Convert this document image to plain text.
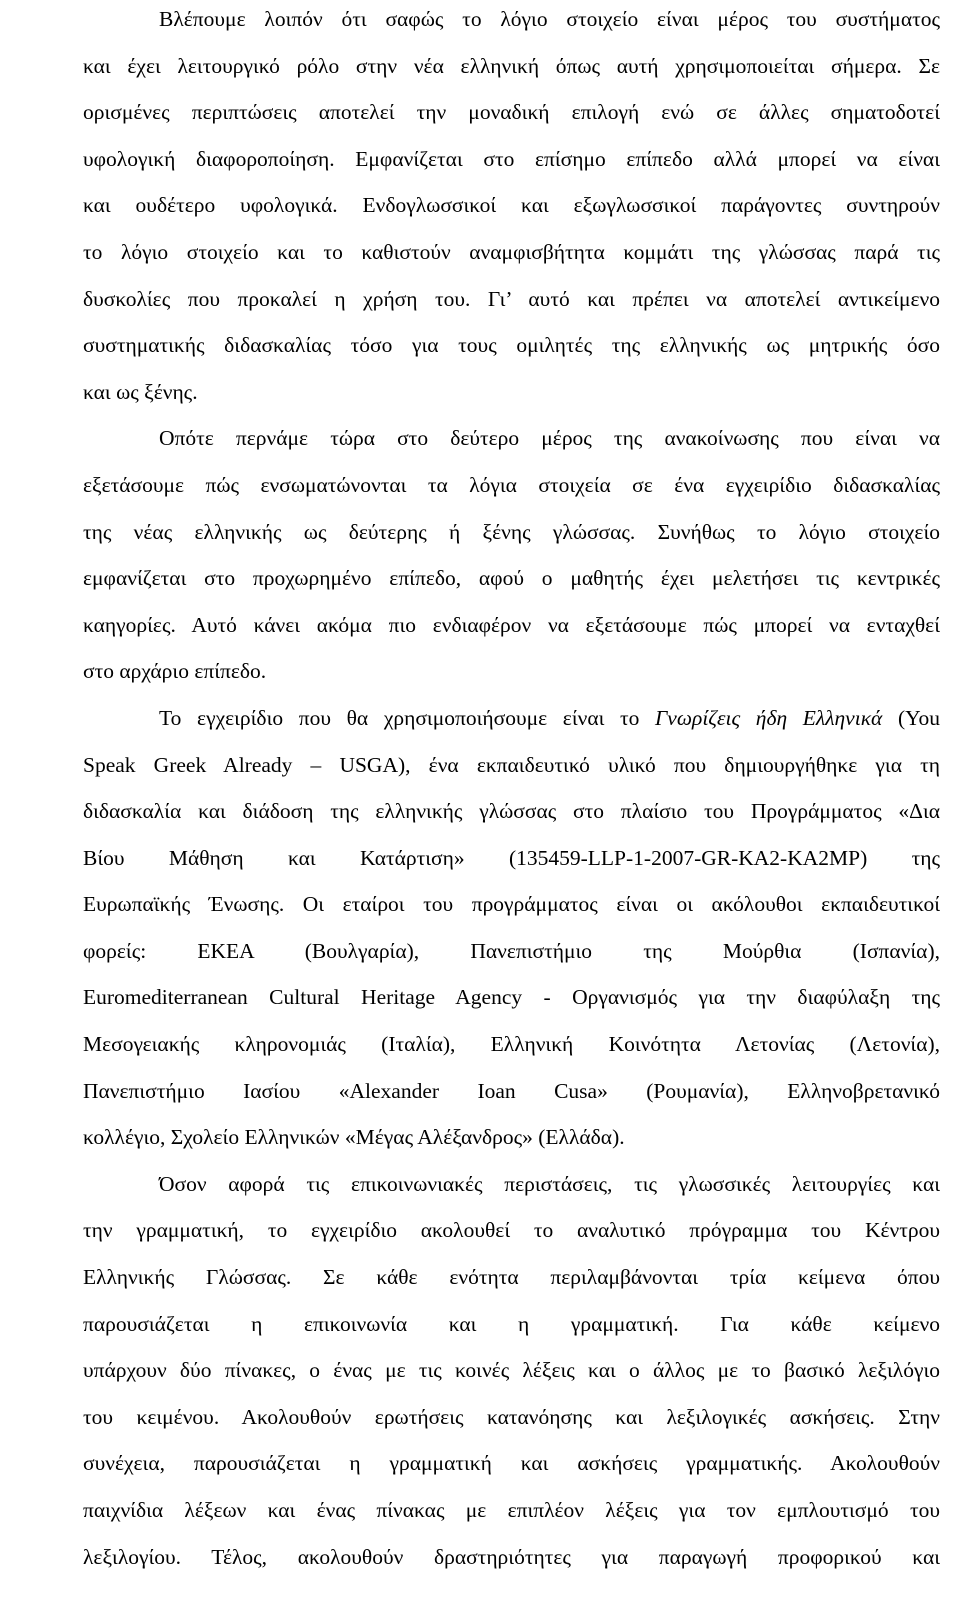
Βλέπουμε λοιπόν ότι σαφώς το λόγιο στοιχείο είναι μέρος του συστήματος
και έχει λειτουργικό ρόλο στην νέα ελληνική όπως αυτή χρησιμοποιείται σήμερα. Σε
ορισμένες περιπτώσεις αποτελεί την μοναδική επιλογή ενώ σε άλλες σηματοδοτεί
υφολογική διαφοροποίηση. Εμφανίζεται στο επίσημο επίπεδο αλλά μπορεί να είναι
και ουδέτερο υφολογικά. Ενδογλωσσικοί και εξωγλωσσικοί παράγοντες συντηρούν
το λόγιο στοιχείο και το καθιστούν αναμφισβήτητα κομμάτι της γλώσσας παρά τις
δυσκολίες που προκαλεί η χρήση του. Γι’ αυτό και πρέπει να αποτελεί αντικείμενο
συστηματικής διδασκαλίας τόσο για τους ομιλητές της ελληνικής ως μητρικής όσο
και ως ξένης.
Οπότε περνάμε τώρα στο δεύτερο μέρος της ανακοίνωσης που είναι να
εξετάσουμε πώς ενσωματώνονται τα λόγια στοιχεία σε ένα εγχειρίδιο διδασκαλίας
της νέας ελληνικής ως δεύτερης ή ξένης γλώσσας. Συνήθως το λόγιο στοιχείο
εμφανίζεται στο προχωρημένο επίπεδο, αφού ο μαθητής έχει μελετήσει τις κεντρικές
καηγορίες. Αυτό κάνει ακόμα πιο ενδιαφέρον να εξετάσουμε πώς μπορεί να ενταχθεί
στο αρχάριο επίπεδο.
Το εγχειρίδιο που θα χρησιμοποιήσουμε είναι το Γνωρίζεις ήδη Ελληνικά (You
Speak Greek Already – USGA), ένα εκπαιδευτικό υλικό που δημιουργήθηκε για τη
διδασκαλία και διάδοση της ελληνικής γλώσσας στο πλαίσιο του Προγράμματος «Δια
Βίου Μάθηση και Κατάρτιση» (135459-LLP-1-2007-GR-KA2-KA2MP) της
Ευρωπαϊκής Ένωσης. Οι εταίροι του προγράμματος είναι οι ακόλουθοι εκπαιδευτικοί
φορείς: ΕΚΕΑ (Βουλγαρία), Πανεπιστήμιο της Μούρθια (Ισπανία),
Euromediterranean Cultural Heritage Agency - Οργανισμός για την διαφύλαξη της
Μεσογειακής κληρονομιάς (Ιταλία), Ελληνική Κοινότητα Λετονίας (Λετονία),
Πανεπιστήμιο Ιασίου «Alexander Ioan Cusa» (Ρουμανία), Ελληνοβρετανικό
κολλέγιο, Σχολείο Ελληνικών «Μέγας Αλέξανδρος» (Ελλάδα).
Όσον αφορά τις επικοινωνιακές περιστάσεις, τις γλωσσικές λειτουργίες και
την γραμματική, το εγχειρίδιο ακολουθεί το αναλυτικό πρόγραμμα του Κέντρου
Ελληνικής Γλώσσας. Σε κάθε ενότητα περιλαμβάνονται τρία κείμενα όπου
παρουσιάζεται η επικοινωνία και η γραμματική. Για κάθε κείμενο
υπάρχουν δύο πίνακες, ο ένας με τις κοινές λέξεις και ο άλλος με το βασικό λεξιλόγιο
του κειμένου. Ακολουθούν ερωτήσεις κατανόησης και λεξιλογικές ασκήσεις. Στην
συνέχεια, παρουσιάζεται η γραμματική και ασκήσεις γραμματικής. Ακολουθούν
παιχνίδια λέξεων και ένας πίνακας με επιπλέον λέξεις για τον εμπλουτισμό του
λεξιλογίου. Τέλος, ακολουθούν δραστηριότητες για παραγωγή προφορικού και
